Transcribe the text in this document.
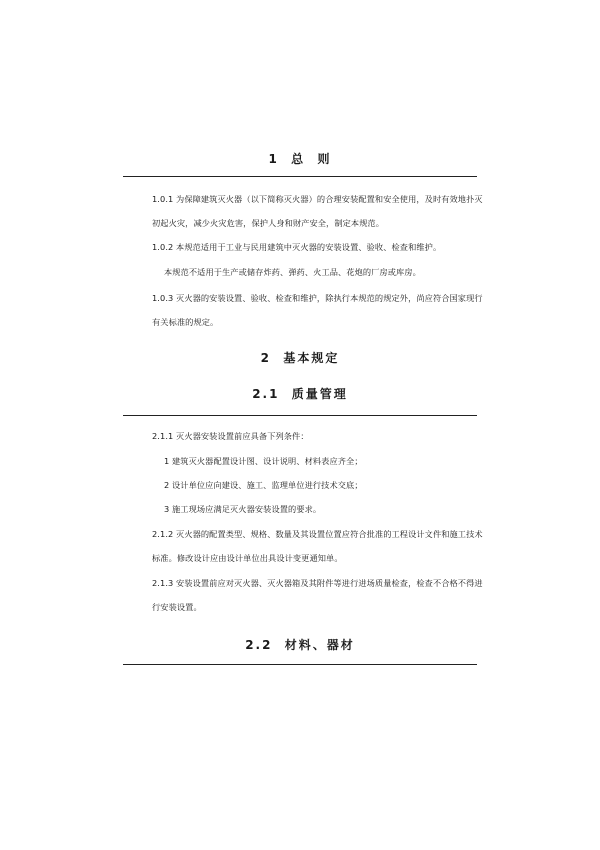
1  总  则
1.0.1 为保障建筑灭火器（以下简称灭火器）的合理安装配置和安全使用，及时有效地扑灭
初起火灾，减少火灾危害，保护人身和财产安全，制定本规范。
1.0.2 本规范适用于工业与民用建筑中灭火器的安装设置、验收、检查和维护。
本规范不适用于生产或储存炸药、弹药、火工品、花炮的厂房或库房。
1.0.3 灭火器的安装设置、验收、检查和维护，除执行本规范的规定外，尚应符合国家现行
有关标准的规定。
2  基本规定
2.1  质量管理
2.1.1 灭火器安装设置前应具备下列条件：
1 建筑灭火器配置设计图、设计说明、材料表应齐全；
2 设计单位应向建设、施工、监理单位进行技术交底；
3 施工现场应满足灭火器安装设置的要求。
2.1.2 灭火器的配置类型、规格、数量及其设置位置应符合批准的工程设计文件和施工技术
标准。修改设计应由设计单位出具设计变更通知单。
2.1.3 安装设置前应对灭火器、灭火器箱及其附件等进行进场质量检查，检查不合格不得进
行安装设置。
2.2  材料、器材
